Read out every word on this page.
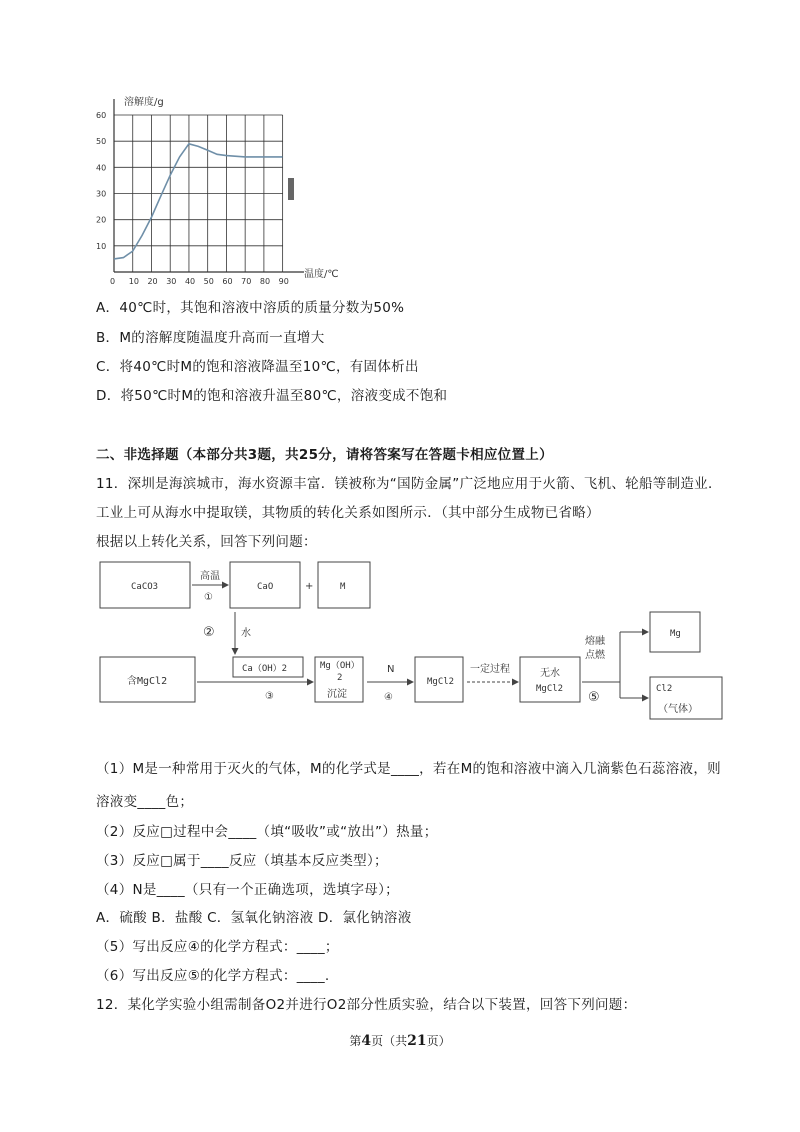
0 10 20 30 40 50 60 70 80 90
10
20
30
40
50
60
溶解度/g
温度/℃
A．40℃时，其饱和溶液中溶质的质量分数为50%
B．M的溶解度随温度升高而一直增大
C．将40℃时M的饱和溶液降温至10℃，有固体析出
D．将50℃时M的饱和溶液升温至80℃，溶液变成不饱和
二、非选择题（本部分共3题，共25分，请将答案写在答题卡相应位置上）
11．深圳是海滨城市，海水资源丰富．镁被称为“国防金属”广泛地应用于火箭、飞机、轮船等制造业．
工业上可从海水中提取镁，其物质的转化关系如图所示．（其中部分生成物已省略）
根据以上转化关系，回答下列问题：
CaCO3
高温
①
CaO	+	M
②	水
含MgCl2
Ca（OH）2
③
Mg（OH）
2
沉淀
N
④
MgCl2
一定过程	无水
MgCl2
⑤
熔融
点燃
Mg
Cl2
（气体）
（1）M是一种常用于灭火的气体，M的化学式是____，若在M的饱和溶液中滴入几滴紫色石蕊溶液，则
溶液变____色；
（2）反应□过程中会____（填“吸收”或“放出”）热量；
（3）反应□属于____反应（填基本反应类型）；
（4）N是____（只有一个正确选项，选填字母）；
A．硫酸 B．盐酸 C．氢氧化钠溶液 D．氯化钠溶液
（5）写出反应④的化学方程式：____；
（6）写出反应⑤的化学方程式：____.
12．某化学实验小组需制备O2并进行O2部分性质实验，结合以下装置，回答下列问题：
第4页（共21页）
